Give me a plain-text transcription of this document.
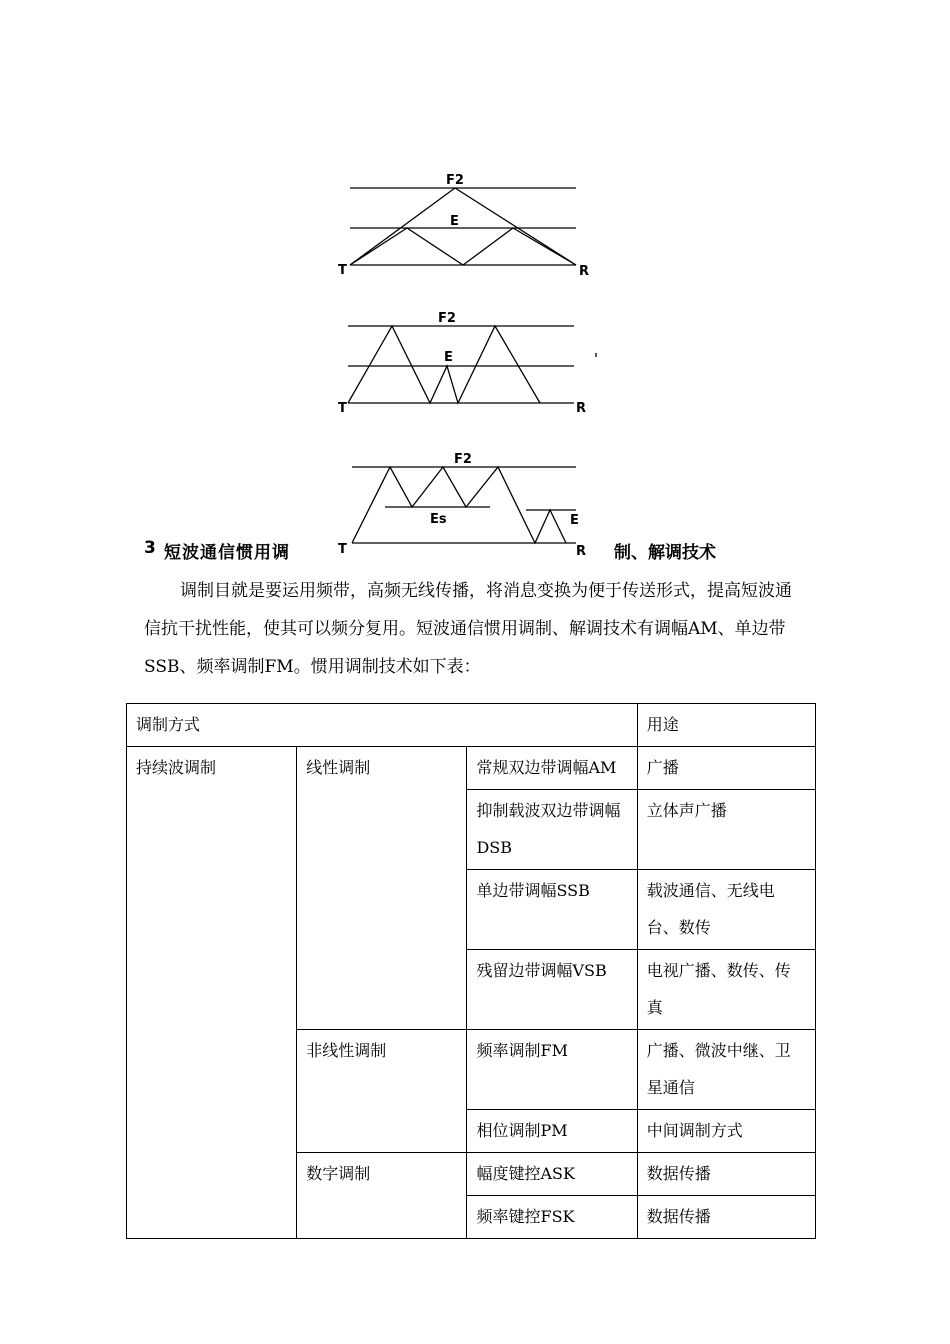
F2
E
T	R
F2
E
T	R
F2
Es	E
T	R
3 短波通信惯用调	制、解调技术
调制目就是要运用频带，高频无线传播，将消息变换为便于传送形式，提高短波通信抗干扰性能，使其可以频分复用。短波通信惯用调制、解调技术有调幅AM、单边带SSB、频率调制FM。惯用调制技术如下表：
调制方式			用途
持续波调制	线性调制	常规双边带调幅AM	广播
		抑制载波双边带调幅DSB	立体声广播
		单边带调幅SSB	载波通信、无线电台、数传
		残留边带调幅VSB	电视广播、数传、传真
	非线性调制	频率调制FM	广播、微波中继、卫星通信
		相位调制PM	中间调制方式
	数字调制	幅度键控ASK	数据传播
		频率键控FSK	数据传播
